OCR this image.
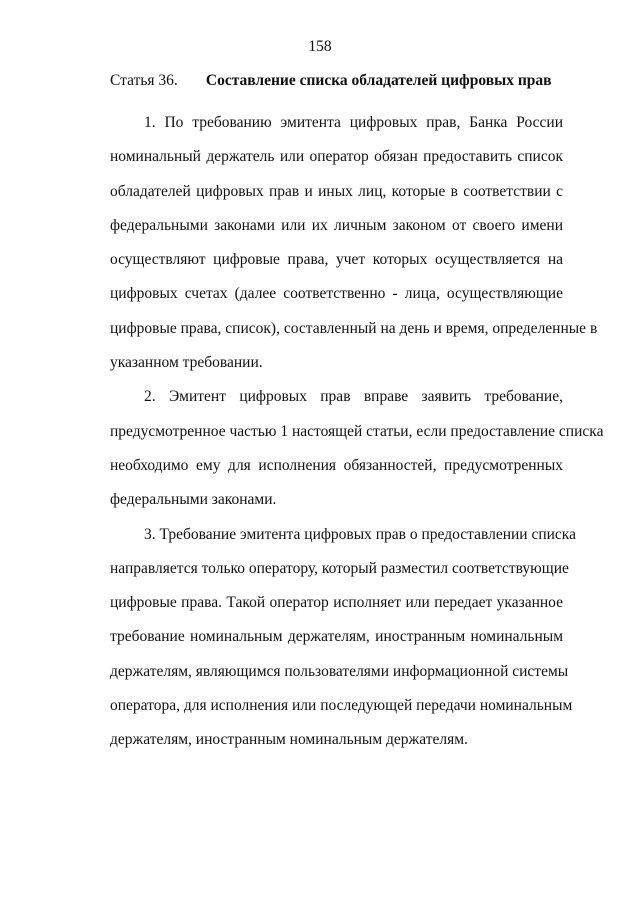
158
Статья 36. Составление списка обладателей цифровых прав
1. По требованию эмитента цифровых прав, Банка России
номинальный держатель или оператор обязан предоставить список
обладателей цифровых прав и иных лиц, которые в соответствии с
федеральными законами или их личным законом от своего имени
осуществляют цифровые права, учет которых осуществляется на
цифровых счетах (далее соответственно - лица, осуществляющие
цифровые права, список), составленный на день и время, определенные в
указанном требовании.
2. Эмитент цифровых прав вправе заявить требование,
предусмотренное частью 1 настоящей статьи, если предоставление списка
необходимо ему для исполнения обязанностей, предусмотренных
федеральными законами.
3. Требование эмитента цифровых прав о предоставлении списка
направляется только оператору, который разместил соответствующие
цифровые права. Такой оператор исполняет или передает указанное
требование номинальным держателям, иностранным номинальным
держателям, являющимся пользователями информационной системы
оператора, для исполнения или последующей передачи номинальным
держателям, иностранным номинальным держателям.
